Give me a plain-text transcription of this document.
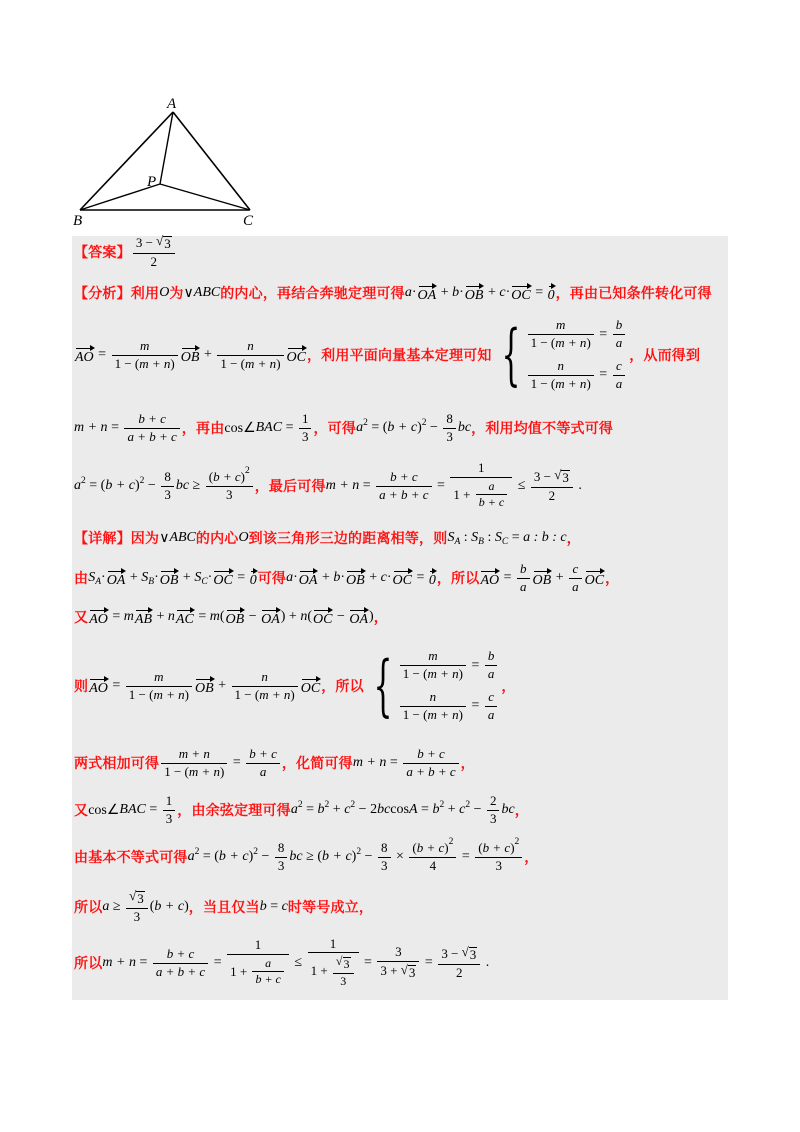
A
B	C
P
【答案】 3 −
√ 3
2
【分析】利用 O 为 ∨ ABC 的内心，再结合奔驰定理可得 a · OA + b · OB + c · OC = 0 ，再由已知条件转化可得
AO = $\frac{m}{1 - ( m + n )}$ OB + $\frac{n}{1 - ( m + n )}$ OC ，利用平面向量基本定理可知
{ $\frac{m}{1 - ( m + n )} = \frac{b}{a}$
$\frac{n}{1 - ( m + n )} = \frac{c}{a}$
，从而得到
$m + n = \frac{b + c}{a + b + c}$ ，再由 cos∠ BAC = $\frac{1}{3}$ ，可得 a 2 = ( b + c ) $2 - \frac{8}{3}$ bc ，利用均值不等式可得
a 2 = ( b + c ) $2 - \frac{8}{3}$ bc ≥ $\frac{( b + c ) 2}{3}$ ，最后可得 $m + n = \frac{b + c}{a + b + c} = \frac{1}{1 + \frac{a}{b + c}} \le 3$ −
√ 3
2 .
【详解】因为 ∨ ABC 的内心 O 到该三角形三边的距离相等，则 S A : S B : S C = a : b : c ，
由 S A · OA + S B · OB + S C · OC = 0 可得 a · OA + b · OB + c · OC = 0 ，所以 AO = $\frac{b}{a}$ OB + $\frac{c}{a}$ OC ，
又 AO = m AB + n AC = m ( OB − OA ) + n ( OC − OA ) ，
则 AO = $\frac{m}{1 - ( m + n )}$ OB + $\frac{n}{1 - ( m + n )}$ OC ，所以
{ $\frac{m}{1 - ( m + n )} = \frac{b}{a}$
$\frac{n}{1 - ( m + n )} = \frac{c}{a}$
，
两式相加可得 $\frac{m + n}{1 - ( m + n )} = \frac{b + c}{a}$ ，化简可得 $m + n = \frac{b + c}{a + b + c}$ ，
又 cos∠ BAC = $\frac{1}{3}$ ，由余弦定理可得 a 2 = b 2 + c 2 − 2 bc cos A = b 2 + c $2 - \frac{2}{3}$ bc ，
由基本不等式可得 a 2 = ( b + c ) $2 - \frac{8}{3}$ bc ≥ ( b + c ) $2 - \frac{8}{3} \times \frac{( b + c ) 2}{4} = \frac{( b + c ) 2}{3}$ ，
所以 a ≥
√ $\frac{3}{3}$ ( b + c ) ，当且仅当 b = c 时等号成立，
所以 $m + n = \frac{b + c}{a + b + c} = \frac{1}{1 + \frac{a}{b + c}} \le 1$
1 +
√ $\frac{3}{3} = 3$
3 +
√ 3 = 3 −
√ 3
2 .
